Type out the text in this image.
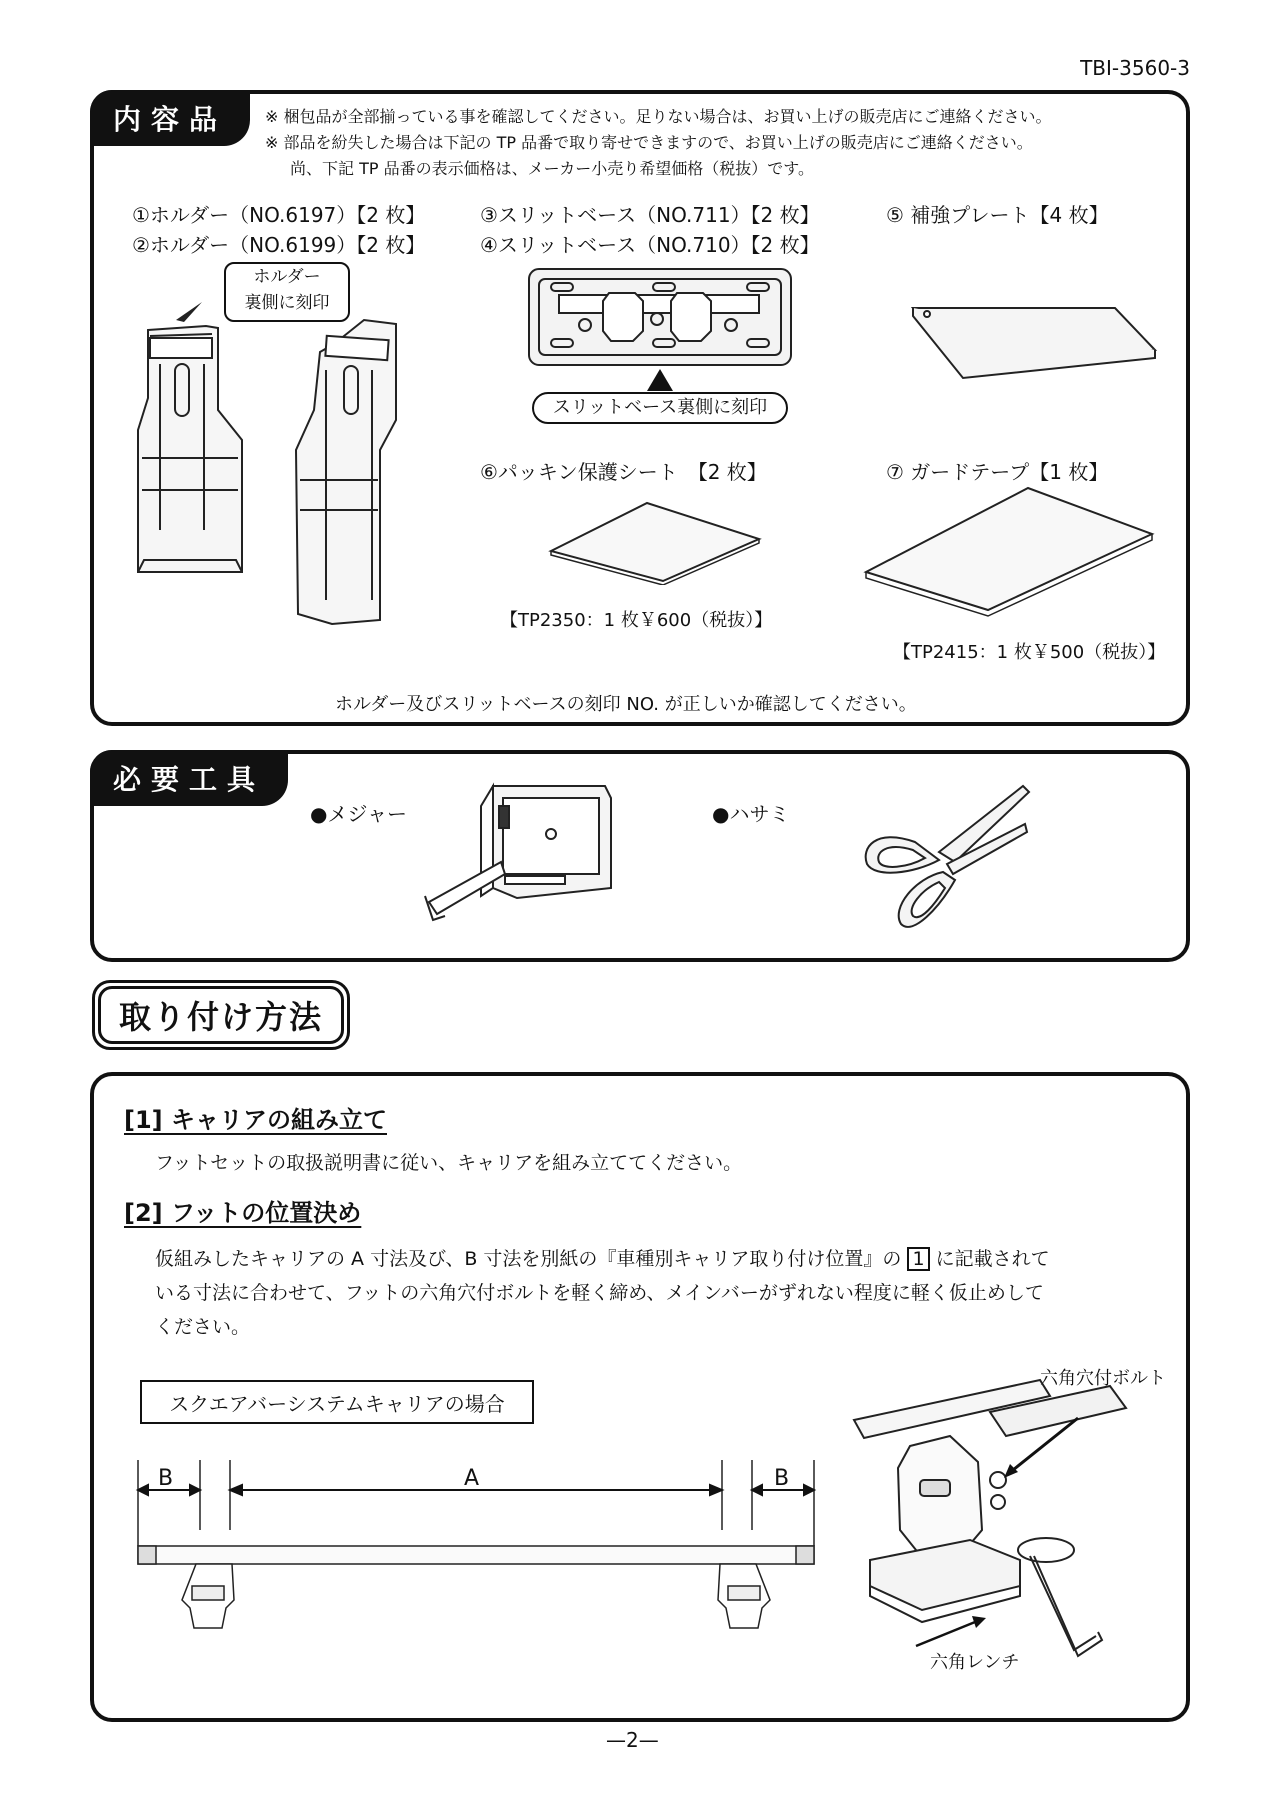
TBI-3560-3
内容品	※ 梱包品が全部揃っている事を確認してください。足りない場合は、お買い上げの販売店にご連絡ください。
※ 部品を紛失した場合は下記の TP 品番で取り寄せできますので、お買い上げの販売店にご連絡ください。
尚、下記 TP 品番の表示価格は、メーカー小売り希望価格（税抜）です。
①ホルダー（NO.6197）【2 枚】
②ホルダー（NO.6199）【2 枚】
③スリットベース（NO.711）【2 枚】
④スリットベース（NO.710）【2 枚】
⑤ 補強プレート【4 枚】
⑥パッキン保護シート　【2 枚】	⑦ ガードテープ【1 枚】
ホルダー
裏側に刻印
スリットベース裏側に刻印
【TP2350：1 枚￥600（税抜）】
【TP2415：1 枚￥500（税抜）】
ホルダー及びスリットベースの刻印 NO. が正しいか確認してください。
必要工具
●メジャー	●ハサミ
取り付け方法
[1] キャリアの組み立て
フットセットの取扱説明書に従い、キャリアを組み立ててください。
[2] フットの位置決め
仮組みしたキャリアの A 寸法及び、B 寸法を別紙の『車種別キャリア取り付け位置』の 1 に記載されて
いる寸法に合わせて、フットの六角穴付ボルトを軽く締め、メインバーがずれない程度に軽く仮止めして
ください。
スクエアバーシステムキャリアの場合
B	A	B
六角穴付ボルト
六角レンチ
—2—
